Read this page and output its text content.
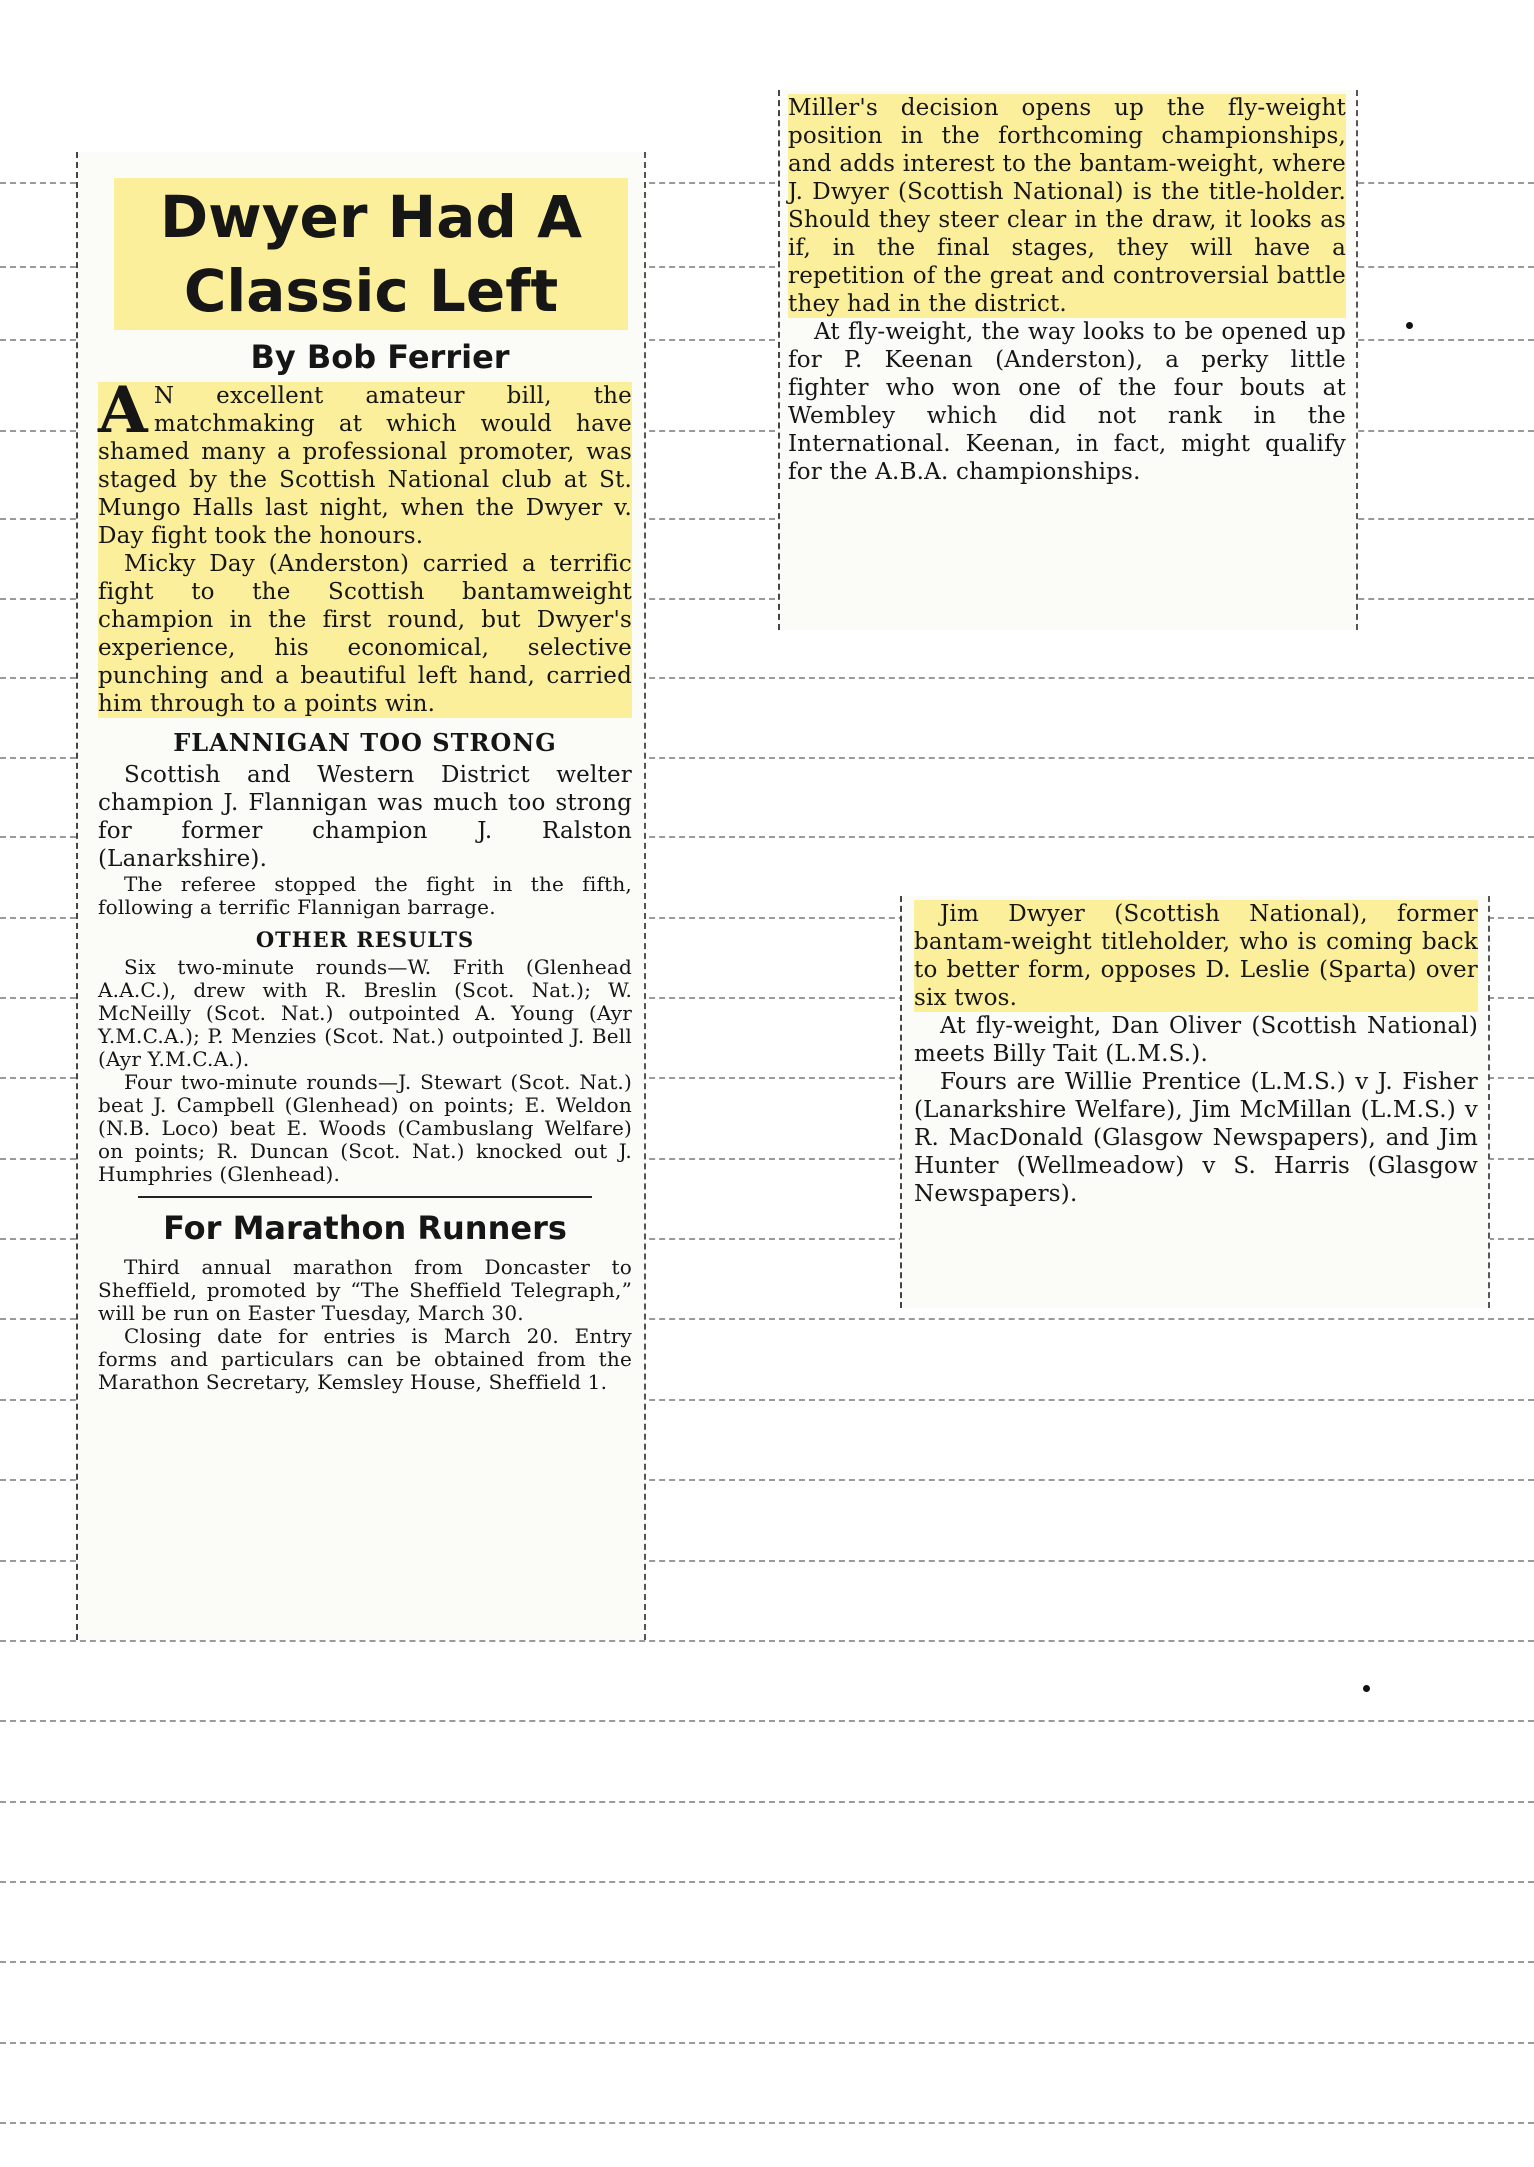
Dwyer Had A Classic Left
By Bob Ferrier

A N excellent amateur bill, the matchmaking at which would have shamed many a professional promoter, was staged by the Scottish National club at St. Mungo Halls last night, when the Dwyer v. Day fight took the honours.

Micky Day (Anderston) carried a terrific fight to the Scottish bantamweight champion in the first round, but Dwyer's experience, his economical, selective punching and a beautiful left hand, carried him through to a points win.

FLANNIGAN TOO STRONG

Scottish and Western District welter champion J. Flannigan was much too strong for former champion J. Ralston (Lanarkshire).

The referee stopped the fight in the fifth, following a terrific Flannigan barrage.

OTHER RESULTS

Six two-minute rounds—W. Frith (Glenhead A.A.C.), drew with R. Breslin (Scot. Nat.); W. McNeilly (Scot. Nat.) outpointed A. Young (Ayr Y.M.C.A.); P. Menzies (Scot. Nat.) outpointed J. Bell (Ayr Y.M.C.A.).

Four two-minute rounds—J. Stewart (Scot. Nat.) beat J. Campbell (Glenhead) on points; E. Weldon (N.B. Loco) beat E. Woods (Cambuslang Welfare) on points; R. Duncan (Scot. Nat.) knocked out J. Humphries (Glenhead).

For Marathon Runners

Third annual marathon from Doncaster to Sheffield, promoted by “The Sheffield Telegraph,” will be run on Easter Tuesday, March 30.

Closing date for entries is March 20. Entry forms and particulars can be obtained from the Marathon Secretary, Kemsley House, Sheffield 1.

Miller's decision opens up the fly-weight position in the forthcoming championships, and adds interest to the bantam-weight, where J. Dwyer (Scottish National) is the title-holder. Should they steer clear in the draw, it looks as if, in the final stages, they will have a repetition of the great and controversial battle they had in the district.

At fly-weight, the way looks to be opened up for P. Keenan (Anderston), a perky little fighter who won one of the four bouts at Wembley which did not rank in the International. Keenan, in fact, might qualify for the A.B.A. championships.

Jim Dwyer (Scottish National), former bantam-weight titleholder, who is coming back to better form, opposes D. Leslie (Sparta) over six twos.

At fly-weight, Dan Oliver (Scottish National) meets Billy Tait (L.M.S.).

Fours are Willie Prentice (L.M.S.) v J. Fisher (Lanarkshire Welfare), Jim McMillan (L.M.S.) v R. MacDonald (Glasgow Newspapers), and Jim Hunter (Wellmeadow) v S. Harris (Glasgow Newspapers).
